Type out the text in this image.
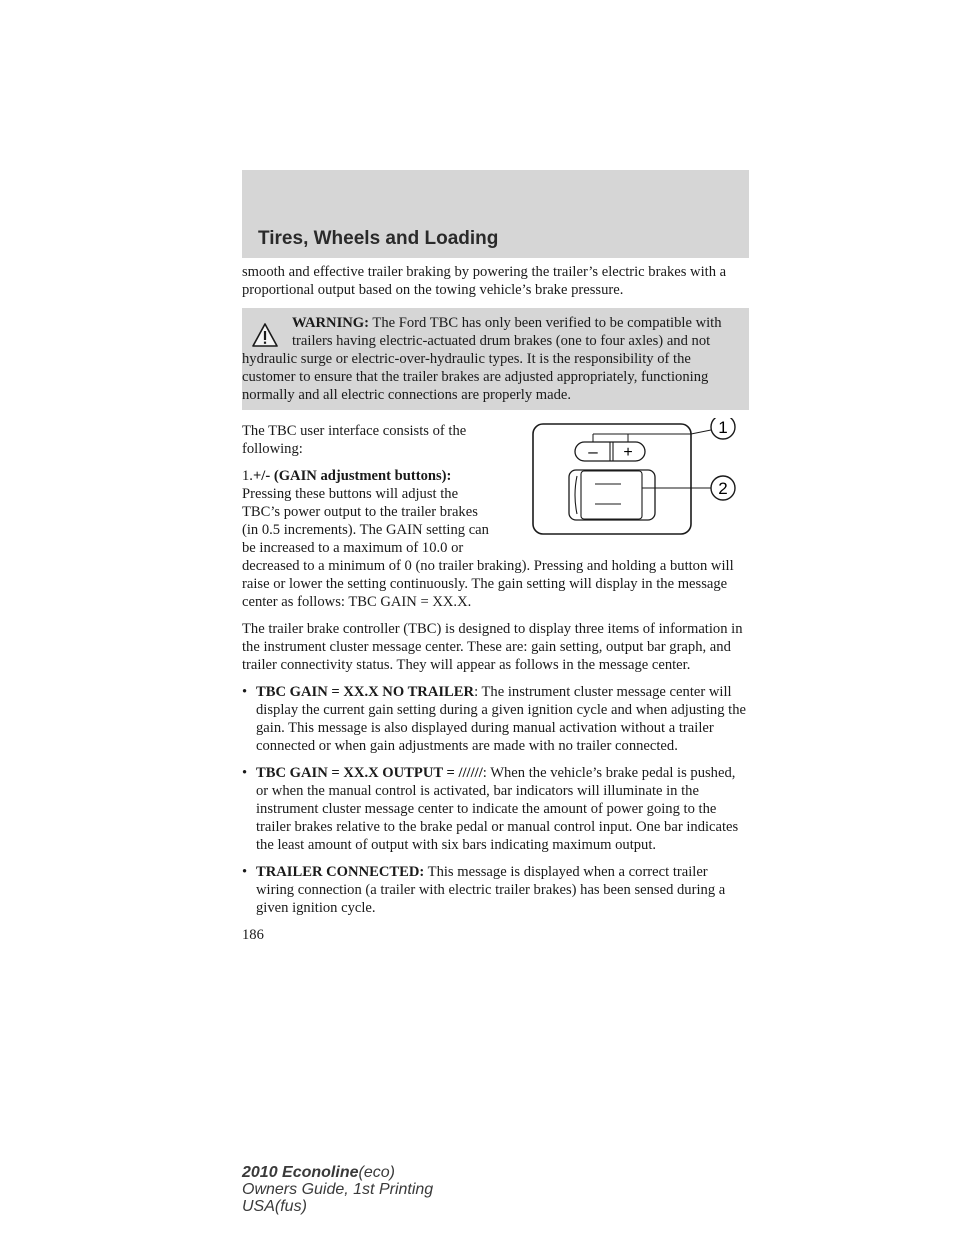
Tires, Wheels and Loading

smooth and effective trailer braking by powering the trailer’s electric brakes with a proportional output based on the towing vehicle’s brake pressure.

WARNING: The Ford TBC has only been verified to be compatible with trailers having electric-actuated drum brakes (one to four axles) and not hydraulic surge or electric-over-hydraulic types. It is the responsibility of the customer to ensure that the trailer brakes are adjusted appropriately, functioning normally and all electric connections are properly made.
– +
1
2

The TBC user interface consists of the following:

1.+/- (GAIN adjustment buttons): Pressing these buttons will adjust the TBC’s power output to the trailer brakes (in 0.5 increments). The GAIN setting can be increased to a maximum of 10.0 or decreased to a minimum of 0 (no trailer braking). Pressing and holding a button will raise or lower the setting continuously. The gain setting will display in the message center as follows: TBC GAIN = XX.X.

The trailer brake controller (TBC) is designed to display three items of information in the instrument cluster message center. These are: gain setting, output bar graph, and trailer connectivity status. They will appear as follows in the message center.

• TBC GAIN = XX.X NO TRAILER: The instrument cluster message center will display the current gain setting during a given ignition cycle and when adjusting the gain. This message is also displayed during manual activation without a trailer connected or when gain adjustments are made with no trailer connected.
• TBC GAIN = XX.X OUTPUT = //////: When the vehicle’s brake pedal is pushed, or when the manual control is activated, bar indicators will illuminate in the instrument cluster message center to indicate the amount of power going to the trailer brakes relative to the brake pedal or manual control input. One bar indicates the least amount of output with six bars indicating maximum output.
• TRAILER CONNECTED: This message is displayed when a correct trailer wiring connection (a trailer with electric trailer brakes) has been sensed during a given ignition cycle.
186
2010 Econoline(eco)
Owners Guide, 1st Printing
USA(fus)
